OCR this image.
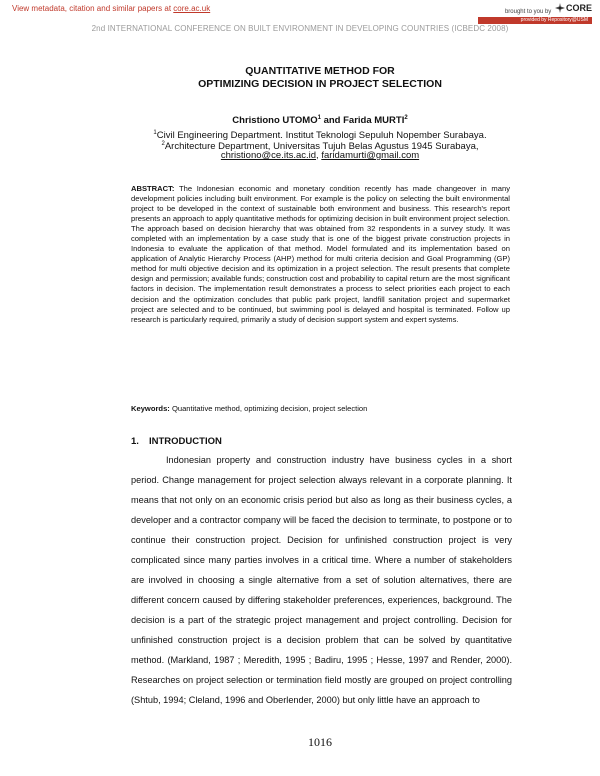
View metadata, citation and similar papers at core.ac.uk	brought to you by CORE
provided by Repository@USM
2nd INTERNATIONAL CONFERENCE ON BUILT ENVIRONMENT IN DEVELOPING COUNTRIES (ICBEDC 2008)
QUANTITATIVE METHOD FOR
OPTIMIZING DECISION IN PROJECT SELECTION
Christiono UTOMO$^1$ and Farida MURTI$^2$
$^1$Civil Engineering Department. Institut Teknologi Sepuluh Nopember Surabaya.
$^2$Architecture Department, Universitas Tujuh Belas Agustus 1945 Surabaya,
christiono@ce.its.ac.id, faridamurti@gmail.com
ABSTRACT: The Indonesian economic and monetary condition recently has made changeover in many development policies including built environment. For example is the policy on selecting the built environmental project to be developed in the context of sustainable both environment and business. This research's report presents an approach to apply quantitative methods for optimizing decision in built environment project selection. The approach based on decision hierarchy that was obtained from 32 respondents in a survey study. It was completed with an implementation by a case study that is one of the biggest private construction projects in Indonesia to evaluate the application of that method. Model formulated and its implementation based on application of Analytic Hierarchy Process (AHP) method for multi criteria decision and Goal Programming (GP) method for multi objective decision and its optimization in a project selection. The result presents that complete design and permission; available funds; construction cost and probability to capital return are the most significant factors in decision. The implementation result demonstrates a process to select priorities each project to each decision and the optimization concludes that public park project, landfill sanitation project and supermarket project are selected and to be continued, but swimming pool is delayed and hospital is terminated. Follow up research is particularly required, primarily a study of decision support system and expert systems.
Keywords: Quantitative method, optimizing decision, project selection
1. INTRODUCTION
Indonesian property and construction industry have business cycles in a short period. Change management for project selection always relevant in a corporate planning. It means that not only on an economic crisis period but also as long as their business cycles, a developer and a contractor company will be faced the decision to terminate, to postpone or to continue their construction project. Decision for unfinished construction project is very complicated since many parties involves in a critical time. Where a number of stakeholders are involved in choosing a single alternative from a set of solution alternatives, there are different concern caused by differing stakeholder preferences, experiences, background. The decision is a part of the strategic project management and project controlling. Decision for unfinished construction project is a decision problem that can be solved by quantitative method. (Markland, 1987 ; Meredith, 1995 ; Badiru, 1995 ; Hesse, 1997 and Render, 2000). Researches on project selection or termination field mostly are grouped on project controlling (Shtub, 1994; Cleland, 1996 and Oberlender, 2000) but only little have an approach to
1016
